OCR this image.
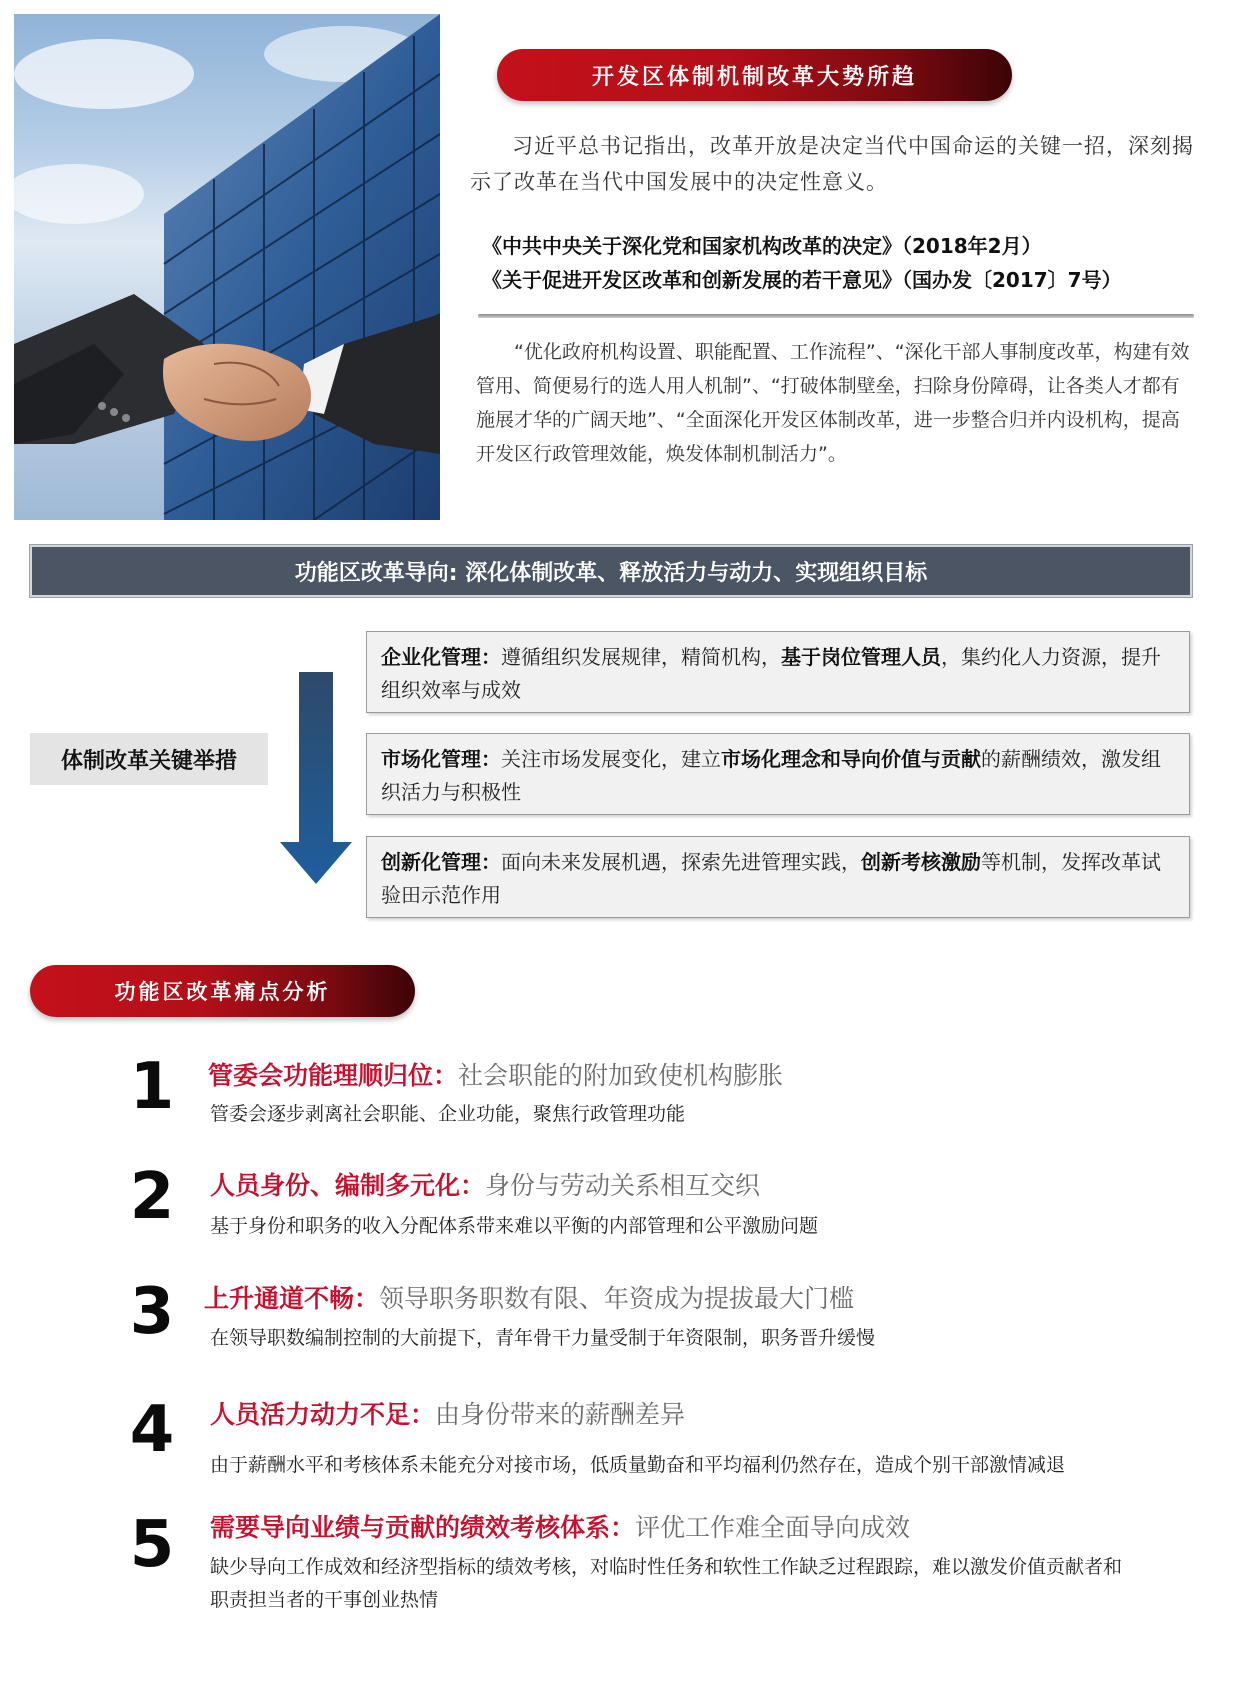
开发区体制机制改革大势所趋

习近平总书记指出，改革开放是决定当代中国命运的关键一招，深刻揭示了改革在当代中国发展中的决定性意义。

《中共中央关于深化党和国家机构改革的决定》（2018年2月）
《关于促进开发区改革和创新发展的若干意见》（国办发〔2017〕7号）

“优化政府机构设置、职能配置、工作流程”、“深化干部人事制度改革，构建有效管用、简便易行的选人用人机制”、“打破体制壁垒，扫除身份障碍，让各类人才都有施展才华的广阔天地”、“全面深化开发区体制改革，进一步整合归并内设机构，提高开发区行政管理效能，焕发体制机制活力”。

功能区改革导向: 深化体制改革、释放活力与动力、实现组织目标
体制改革关键举措
企业化管理：遵循组织发展规律，精简机构，基于岗位管理人员，集约化人力资源，提升组织效率与成效
市场化管理：关注市场发展变化，建立市场化理念和导向价值与贡献的薪酬绩效，激发组织活力与积极性
创新化管理：面向未来发展机遇，探索先进管理实践，创新考核激励等机制，发挥改革试验田示范作用
功能区改革痛点分析
1	管委会功能理顺归位：社会职能的附加致使机构膨胀
管委会逐步剥离社会职能、企业功能，聚焦行政管理功能
2	人员身份、编制多元化：身份与劳动关系相互交织
基于身份和职务的收入分配体系带来难以平衡的内部管理和公平激励问题
3	上升通道不畅：领导职务职数有限、年资成为提拔最大门槛
在领导职数编制控制的大前提下，青年骨干力量受制于年资限制，职务晋升缓慢
4	人员活力动力不足：由身份带来的薪酬差异
由于薪酬水平和考核体系未能充分对接市场，低质量勤奋和平均福利仍然存在，造成个别干部激情减退
5	需要导向业绩与贡献的绩效考核体系：评优工作难全面导向成效
缺少导向工作成效和经济型指标的绩效考核，对临时性任务和软性工作缺乏过程跟踪，难以激发价值贡献者和职责担当者的干事创业热情
